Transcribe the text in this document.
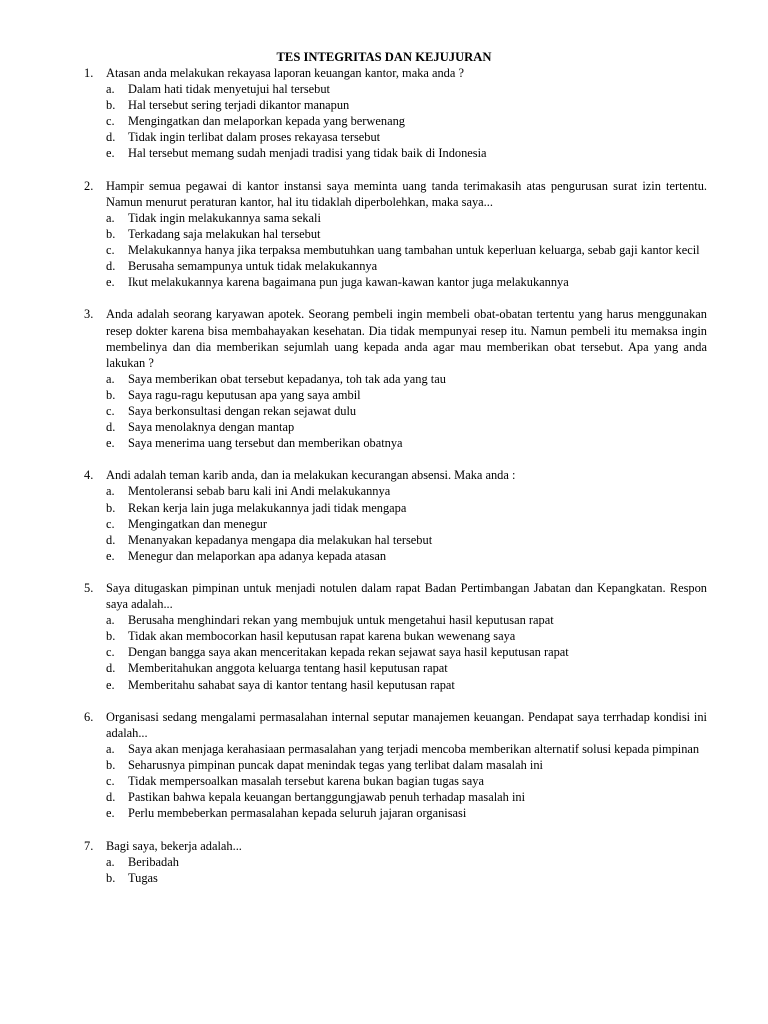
TES INTEGRITAS DAN KEJUJURAN
1. Atasan anda melakukan rekayasa laporan keuangan kantor, maka anda ?
a. Dalam hati tidak menyetujui hal tersebut
b. Hal tersebut sering terjadi dikantor manapun
c. Mengingatkan dan melaporkan kepada yang berwenang
d. Tidak ingin terlibat dalam proses rekayasa tersebut
e. Hal tersebut memang sudah menjadi tradisi yang tidak baik di Indonesia
2. Hampir semua pegawai di kantor instansi saya meminta uang tanda terimakasih atas pengurusan surat izin tertentu. Namun menurut peraturan kantor, hal itu tidaklah diperbolehkan, maka saya...
a. Tidak ingin melakukannya sama sekali
b. Terkadang saja melakukan hal tersebut
c. Melakukannya hanya jika terpaksa membutuhkan uang tambahan untuk keperluan keluarga, sebab gaji kantor kecil
d. Berusaha semampunya untuk tidak melakukannya
e. Ikut melakukannya karena bagaimana pun juga kawan-kawan kantor juga melakukannya
3. Anda adalah seorang karyawan apotek. Seorang pembeli ingin membeli obat-obatan tertentu yang harus menggunakan resep dokter karena bisa membahayakan kesehatan. Dia tidak mempunyai resep itu. Namun pembeli itu memaksa ingin membelinya dan dia memberikan sejumlah uang kepada anda agar mau memberikan obat tersebut. Apa yang anda lakukan ?
a. Saya memberikan obat tersebut kepadanya, toh tak ada yang tau
b. Saya ragu-ragu keputusan apa yang saya ambil
c. Saya berkonsultasi dengan rekan sejawat dulu
d. Saya menolaknya dengan mantap
e. Saya menerima uang tersebut dan memberikan obatnya
4. Andi adalah teman karib anda, dan ia melakukan kecurangan absensi. Maka anda :
a. Mentoleransi sebab baru kali ini Andi melakukannya
b. Rekan kerja lain juga melakukannya jadi tidak mengapa
c. Mengingatkan dan menegur
d. Menanyakan kepadanya mengapa dia melakukan hal tersebut
e. Menegur dan melaporkan apa adanya kepada atasan
5. Saya ditugaskan pimpinan untuk menjadi notulen dalam rapat Badan Pertimbangan Jabatan dan Kepangkatan. Respon saya adalah...
a. Berusaha menghindari rekan yang membujuk untuk mengetahui hasil keputusan rapat
b. Tidak akan membocorkan hasil keputusan rapat karena bukan wewenang saya
c. Dengan bangga saya akan menceritakan kepada rekan sejawat saya hasil keputusan rapat
d. Memberitahukan anggota keluarga tentang hasil keputusan rapat
e. Memberitahu sahabat saya di kantor tentang hasil keputusan rapat
6. Organisasi sedang mengalami permasalahan internal seputar manajemen keuangan. Pendapat saya terrhadap kondisi ini adalah...
a. Saya akan menjaga kerahasiaan permasalahan yang terjadi mencoba memberikan alternatif solusi kepada pimpinan
b. Seharusnya pimpinan puncak dapat menindak tegas yang terlibat dalam masalah ini
c. Tidak mempersoalkan masalah tersebut karena bukan bagian tugas saya
d. Pastikan bahwa kepala keuangan bertanggungjawab penuh terhadap masalah ini
e. Perlu membeberkan permasalahan kepada seluruh jajaran organisasi
7. Bagi saya, bekerja adalah...
a. Beribadah
b. Tugas
